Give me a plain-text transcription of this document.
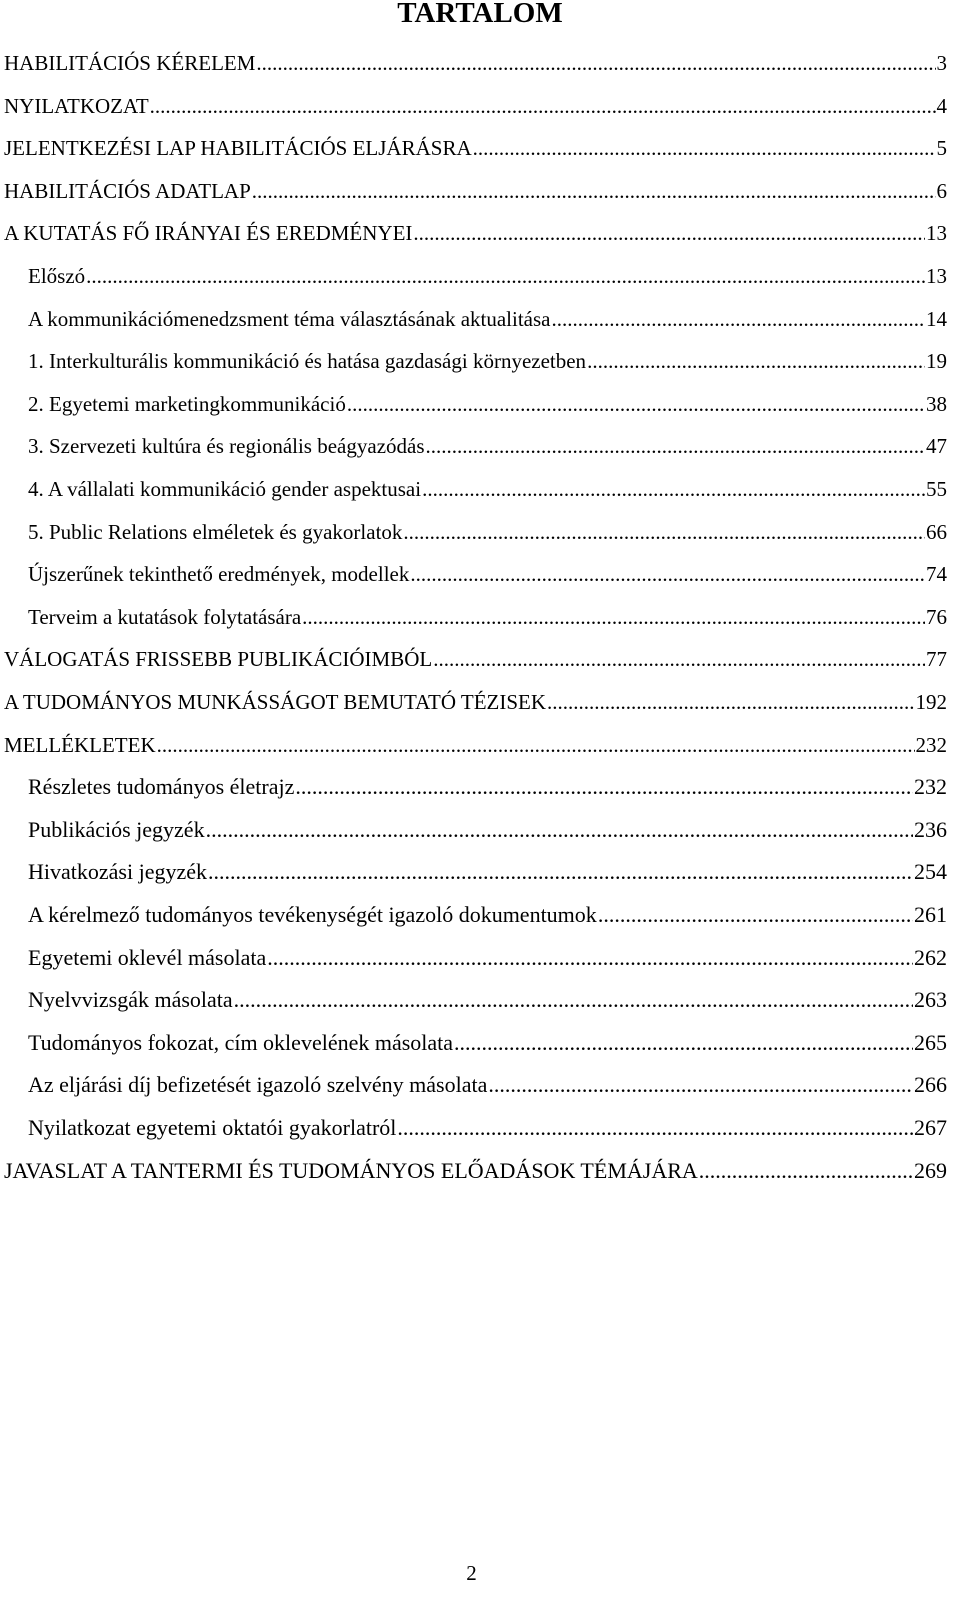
TARTALOM
HABILITÁCIÓS KÉRELEM .....	3
NYILATKOZAT .....	4
JELENTKEZÉSI LAP HABILITÁCIÓS ELJÁRÁSRA .....	5
HABILITÁCIÓS ADATLAP .....	6
A KUTATÁS FŐ IRÁNYAI ÉS EREDMÉNYEI .....	13
Előszó .....	13
A kommunikációmenedzsment téma választásának aktualitása .....	14
1. Interkulturális kommunikáció és hatása gazdasági környezetben .....	19
2. Egyetemi marketingkommunikáció .....	38
3. Szervezeti kultúra és regionális beágyazódás .....	47
4. A vállalati kommunikáció gender aspektusai .....	55
5. Public Relations elméletek és gyakorlatok .....	66
Újszerűnek tekinthető eredmények, modellek .....	74
Terveim a kutatások folytatására .....	76
VÁLOGATÁS FRISSEBB PUBLIKÁCIÓIMBÓL .....	77
A TUDOMÁNYOS MUNKÁSSÁGOT BEMUTATÓ TÉZISEK .....	192
MELLÉKLETEK .....	232
Részletes tudományos életrajz .....	232
Publikációs jegyzék .....	236
Hivatkozási jegyzék .....	254
A kérelmező tudományos tevékenységét igazoló dokumentumok .....	261
Egyetemi oklevél másolata .....	262
Nyelvvizsgák másolata .....	263
Tudományos fokozat, cím oklevelének másolata .....	265
Az eljárási díj befizetését igazoló szelvény másolata .....	266
Nyilatkozat egyetemi oktatói gyakorlatról .....	267
JAVASLAT A TANTERMI ÉS TUDOMÁNYOS ELŐADÁSOK TÉMÁJÁRA .....	269
2
